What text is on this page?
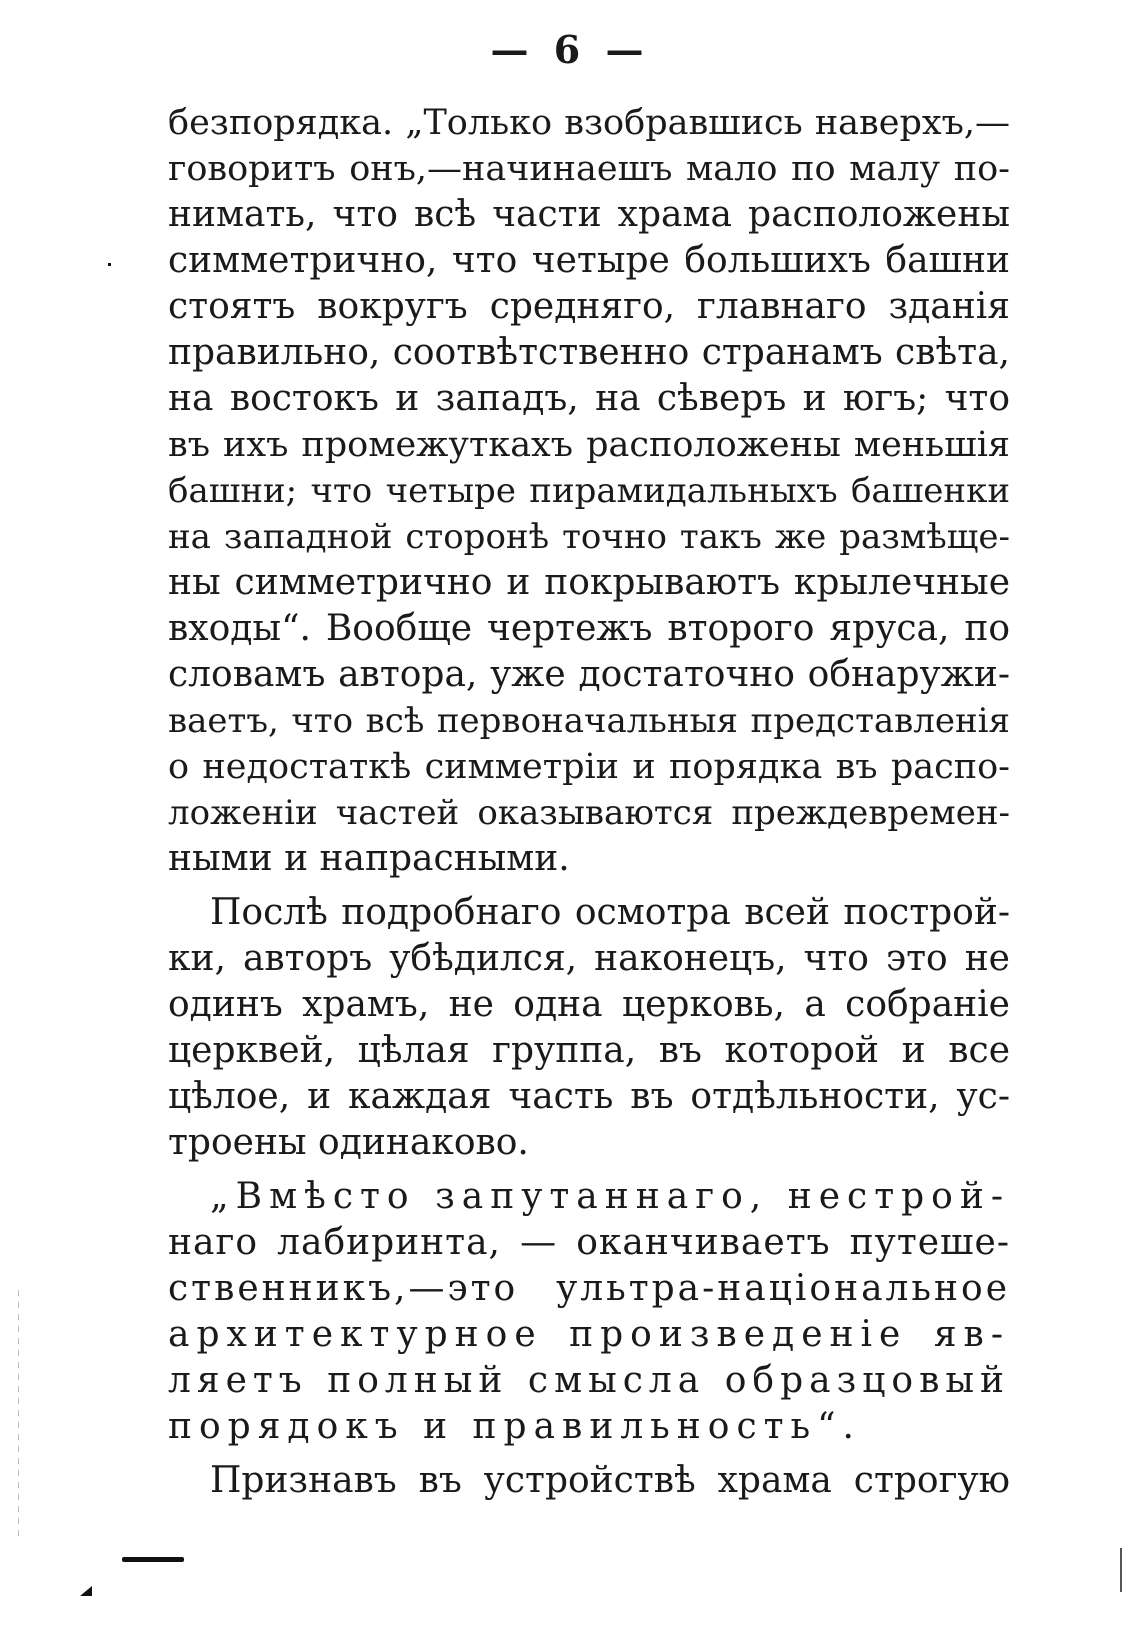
— 6 —
безпорядка. „Только взобравшись наверхъ,—
говоритъ онъ,—начинаешъ мало по малу по-
нимать, что всѣ части храма расположены
симметрично, что четыре большихъ башни
стоятъ вокругъ средняго, главнаго зданія
правильно, соотвѣтственно странамъ свѣта,
на востокъ и западъ, на сѣверъ и югъ; что
въ ихъ промежуткахъ расположены меньшія
башни; что четыре пирамидальныхъ башенки
на западной сторонѣ точно такъ же размѣще-
ны симметрично и покрываютъ крылечные
входы“. Вообще чертежъ второго яруса, по
словамъ автора, уже достаточно обнаружи-
ваетъ, что всѣ первоначальныя представленія
о недостаткѣ симметріи и порядка въ распо-
ложеніи частей оказываются преждевремен-
ными и напрасными.
Послѣ подробнаго осмотра всей построй-
ки, авторъ убѣдился, наконецъ, что это не
одинъ храмъ, не одна церковь, а собраніе
церквей, цѣлая группа, въ которой и все
цѣлое, и каждая часть въ отдѣльности, ус-
троены одинаково.
„Вмѣсто запутаннаго, нестрой-
наго лабиринта, — оканчиваетъ путеше-
ственникъ,—это ультра-національное
архитектурное произведеніе яв-
ляетъ полный смысла образцовый
порядокъ и правильность“.
Признавъ въ устройствѣ храма строгую
